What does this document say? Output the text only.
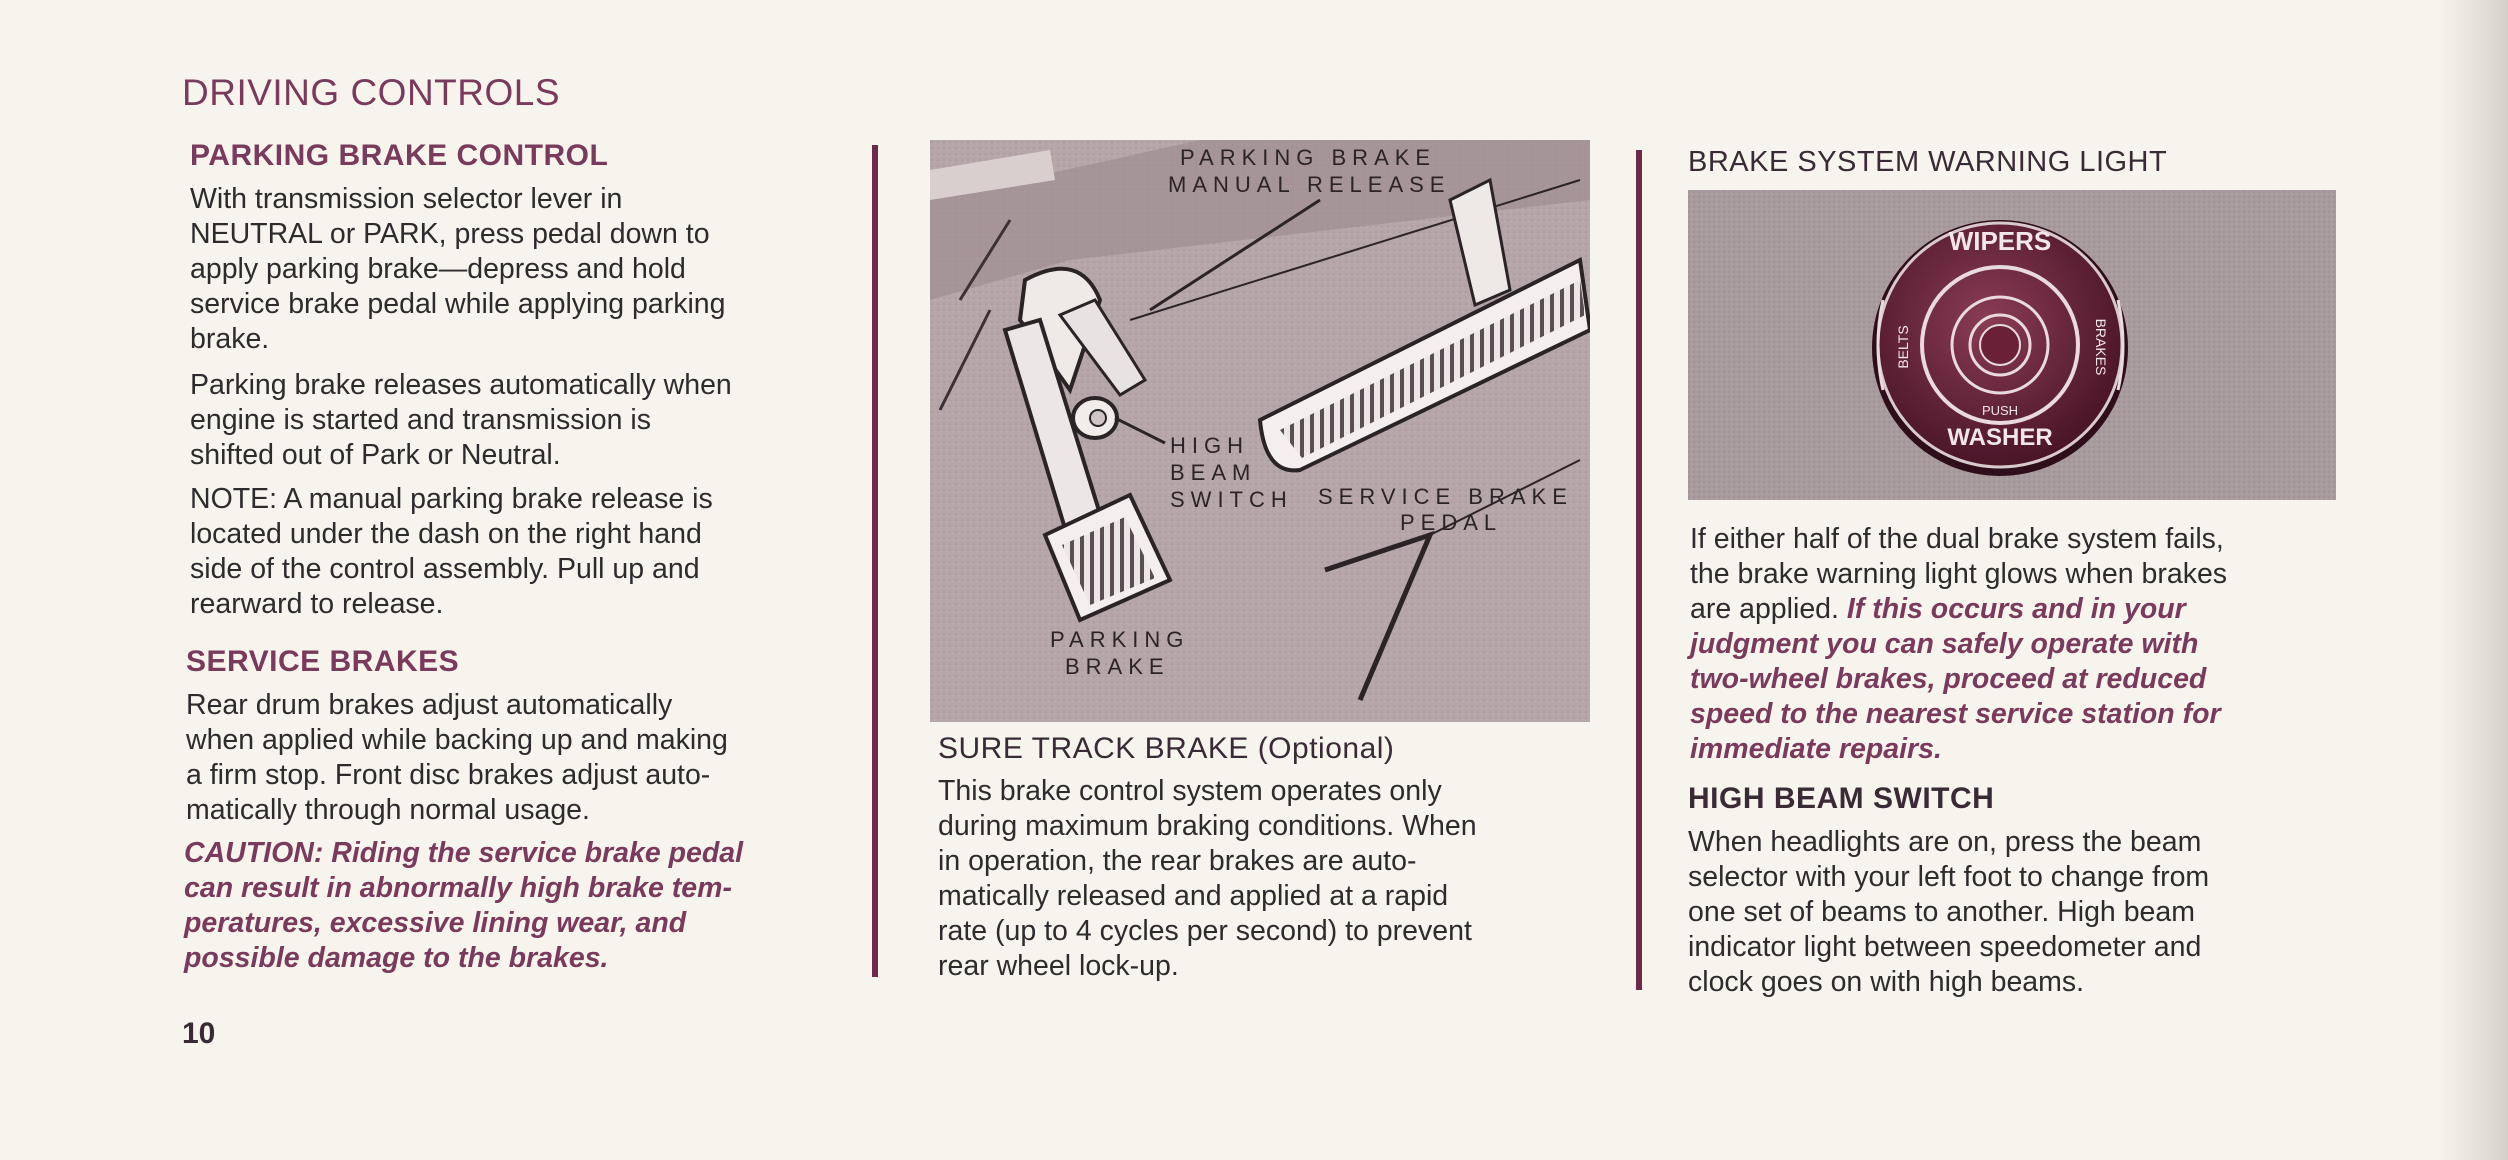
DRIVING CONTROLS
PARKING BRAKE CONTROL
With transmission selector lever in
NEUTRAL or PARK, press pedal down to
apply parking brake—depress and hold
service brake pedal while applying parking
brake.
Parking brake releases automatically when
engine is started and transmission is
shifted out of Park or Neutral.
NOTE: A manual parking brake release is
located under the dash on the right hand
side of the control assembly. Pull up and
rearward to release.
SERVICE BRAKES
Rear drum brakes adjust automatically
when applied while backing up and making
a firm stop. Front disc brakes adjust auto-
matically through normal usage.
CAUTION: Riding the service brake pedal
can result in abnormally high brake tem-
peratures, excessive lining wear, and
possible damage to the brakes.
10
PARKING BRAKE
MANUAL RELEASE
HIGH
BEAM
SWITCH SERVICE BRAKE
PEDAL
PARKING
BRAKE
SURE TRACK BRAKE (Optional)
This brake control system operates only
during maximum braking conditions. When
in operation, the rear brakes are auto-
matically released and applied at a rapid
rate (up to 4 cycles per second) to prevent
rear wheel lock-up.
BRAKE SYSTEM WARNING LIGHT
WIPERS
PUSH
WASHER
BELTS	BRAKES
If either half of the dual brake system fails,
the brake warning light glows when brakes
are applied. If this occurs and in your
judgment you can safely operate with
two-wheel brakes, proceed at reduced
speed to the nearest service station for
immediate repairs.
HIGH BEAM SWITCH
When headlights are on, press the beam
selector with your left foot to change from
one set of beams to another. High beam
indicator light between speedometer and
clock goes on with high beams.
